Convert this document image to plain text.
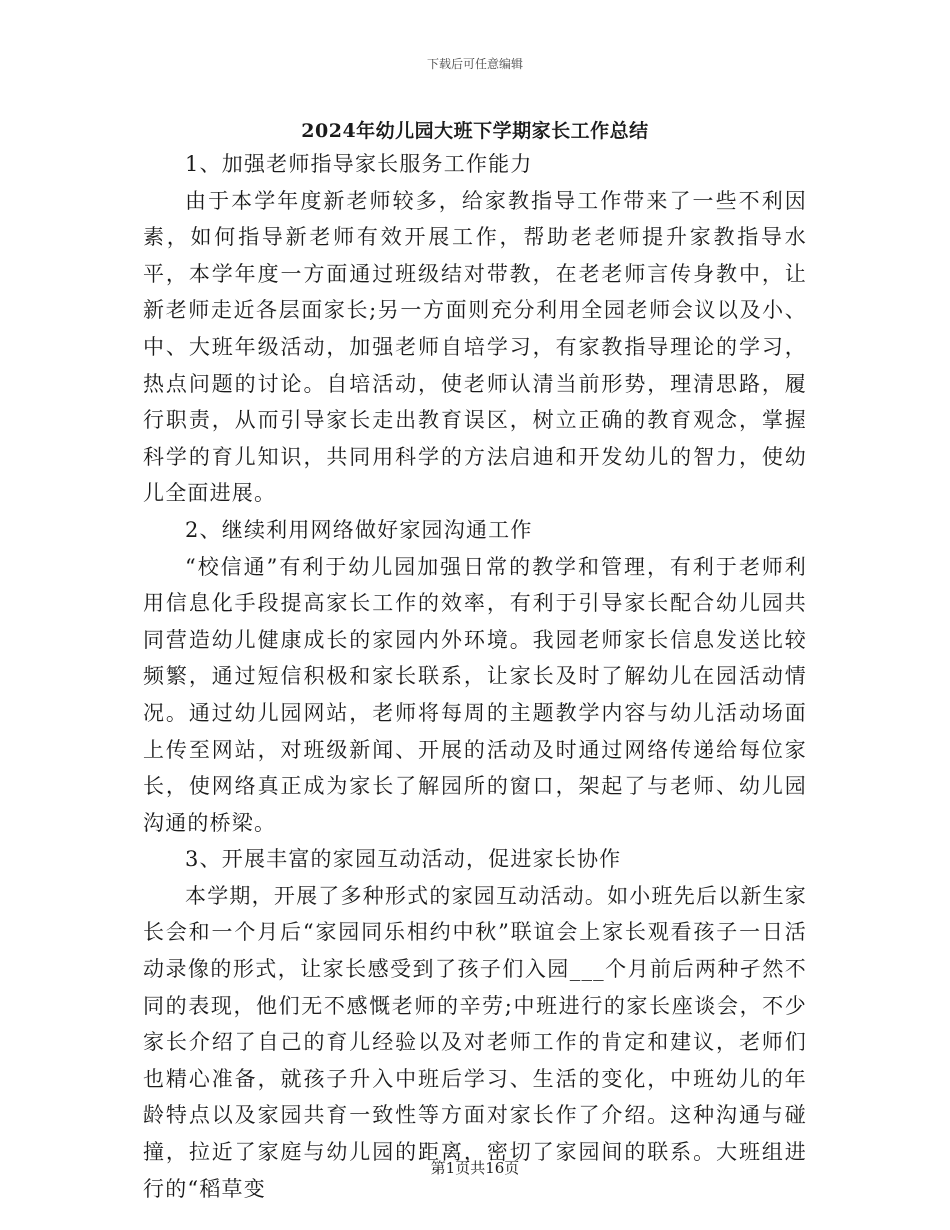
下载后可任意编辑
2024年幼儿园大班下学期家长工作总结

1、加强老师指导家长服务工作能力

由于本学年度新老师较多，给家教指导工作带来了一些不利因素，如何指导新老师有效开展工作，帮助老老师提升家教指导水平，本学年度一方面通过班级结对带教，在老老师言传身教中，让新老师走近各层面家长;另一方面则充分利用全园老师会议以及小、中、大班年级活动，加强老师自培学习，有家教指导理论的学习，热点问题的讨论。自培活动，使老师认清当前形势，理清思路，履行职责，从而引导家长走出教育误区，树立正确的教育观念，掌握科学的育儿知识，共同用科学的方法启迪和开发幼儿的智力，使幼儿全面进展。

2、继续利用网络做好家园沟通工作

“校信通”有利于幼儿园加强日常的教学和管理，有利于老师利用信息化手段提高家长工作的效率，有利于引导家长配合幼儿园共同营造幼儿健康成长的家园内外环境。我园老师家长信息发送比较频繁，通过短信积极和家长联系，让家长及时了解幼儿在园活动情况。通过幼儿园网站，老师将每周的主题教学内容与幼儿活动场面上传至网站，对班级新闻、开展的活动及时通过网络传递给每位家长，使网络真正成为家长了解园所的窗口，架起了与老师、幼儿园沟通的桥梁。

3、开展丰富的家园互动活动，促进家长协作

本学期，开展了多种形式的家园互动活动。如小班先后以新生家长会和一个月后“家园同乐相约中秋”联谊会上家长观看孩子一日活动录像的形式，让家长感受到了孩子们入园___个月前后两种孑然不同的表现，他们无不感慨老师的辛劳;中班进行的家长座谈会，不少家长介绍了自己的育儿经验以及对老师工作的肯定和建议，老师们也精心准备，就孩子升入中班后学习、生活的变化，中班幼儿的年龄特点以及家园共育一致性等方面对家长作了介绍。这种沟通与碰撞，拉近了家庭与幼儿园的距离，密切了家园间的联系。大班组进行的“稻草变

第1页共16页
